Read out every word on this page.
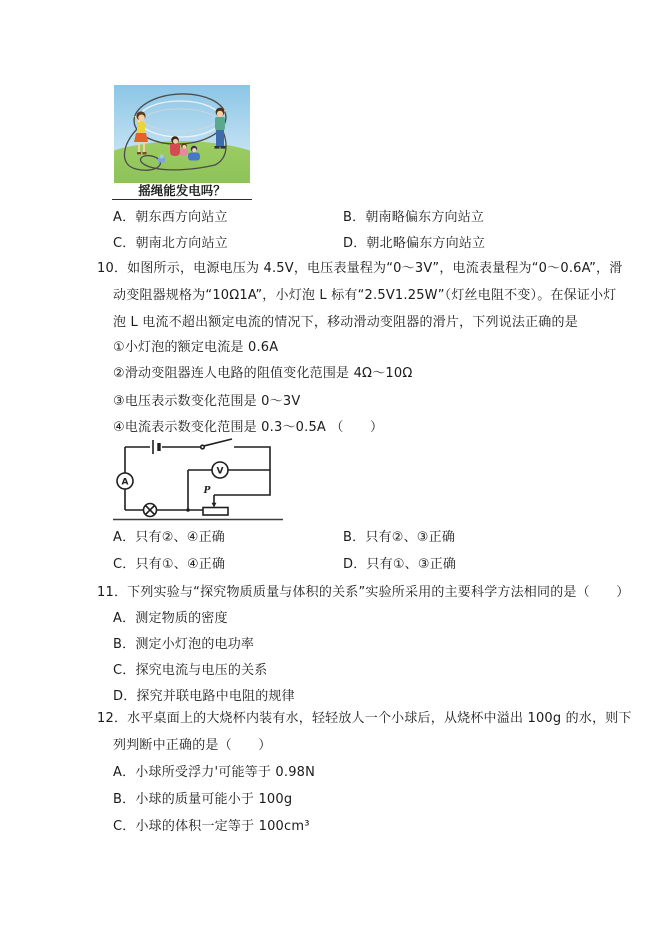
摇绳能发电吗？
A．朝东西方向站立	B．朝南略偏东方向站立
C．朝南北方向站立	D．朝北略偏东方向站立
10．如图所示，电源电压为 4.5V，电压表量程为“0～3V”，电流表量程为“0～0.6A”，滑
动变阻器规格为“10Ω1A”，小灯泡 L 标有“2.5V1.25W”（灯丝电阻不变）。在保证小灯
泡 L 电流不超出额定电流的情况下，移动滑动变阻器的滑片，下列说法正确的是
①小灯泡的额定电流是 0.6A
②滑动变阻器连人电路的阻值变化范围是 4Ω～10Ω
③电压表示数变化范围是 0～3V
④电流表示数变化范围是 0.3～0.5A （　　）
A
V
P
A．只有②、④正确	B．只有②、③正确
C．只有①、④正确	D．只有①、③正确
11．下列实验与“探究物质质量与体积的关系”实验所采用的主要科学方法相同的是（　　）
A．测定物质的密度
B．测定小灯泡的电功率
C．探究电流与电压的关系
D．探究并联电路中电阻的规律
12．水平桌面上的大烧杯内装有水，轻轻放人一个小球后，从烧杯中溢出 100g 的水，则下
列判断中正确的是（　　）
A．小球所受浮力'可能等于 0.98N
B．小球的质量可能小于 100g
C．小球的体积一定等于 100cm³
